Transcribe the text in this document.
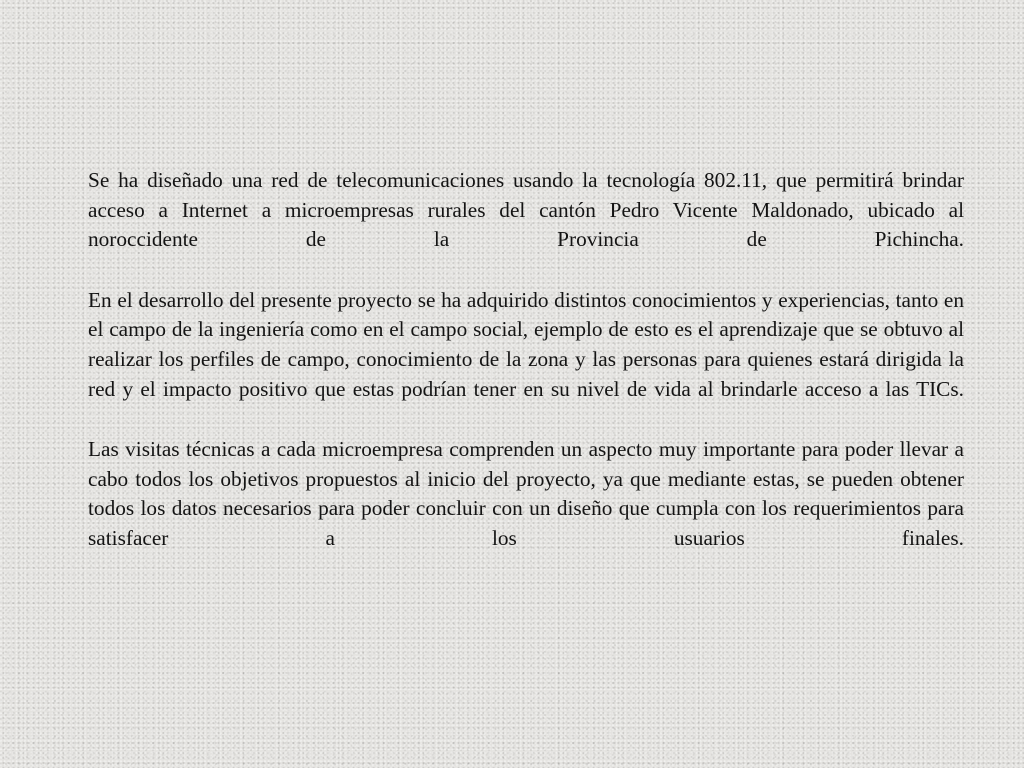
Se ha diseñado una red de telecomunicaciones usando la tecnología 802.11, que permitirá brindar acceso a Internet a microempresas rurales del cantón Pedro Vicente Maldonado, ubicado al noroccidente de la Provincia de Pichincha.

En el desarrollo del presente proyecto se ha adquirido distintos conocimientos y experiencias, tanto en el campo de la ingeniería como en el campo social, ejemplo de esto es el aprendizaje que se obtuvo al realizar los perfiles de campo, conocimiento de la zona y las personas para quienes estará dirigida la red y el impacto positivo que estas podrían tener en su nivel de vida al brindarle acceso a las TICs.

Las visitas técnicas a cada microempresa comprenden un aspecto muy importante para poder llevar a cabo todos los objetivos propuestos al inicio del proyecto, ya que mediante estas, se pueden obtener todos los datos necesarios para poder concluir con un diseño que cumpla con los requerimientos para satisfacer a los usuarios finales.
